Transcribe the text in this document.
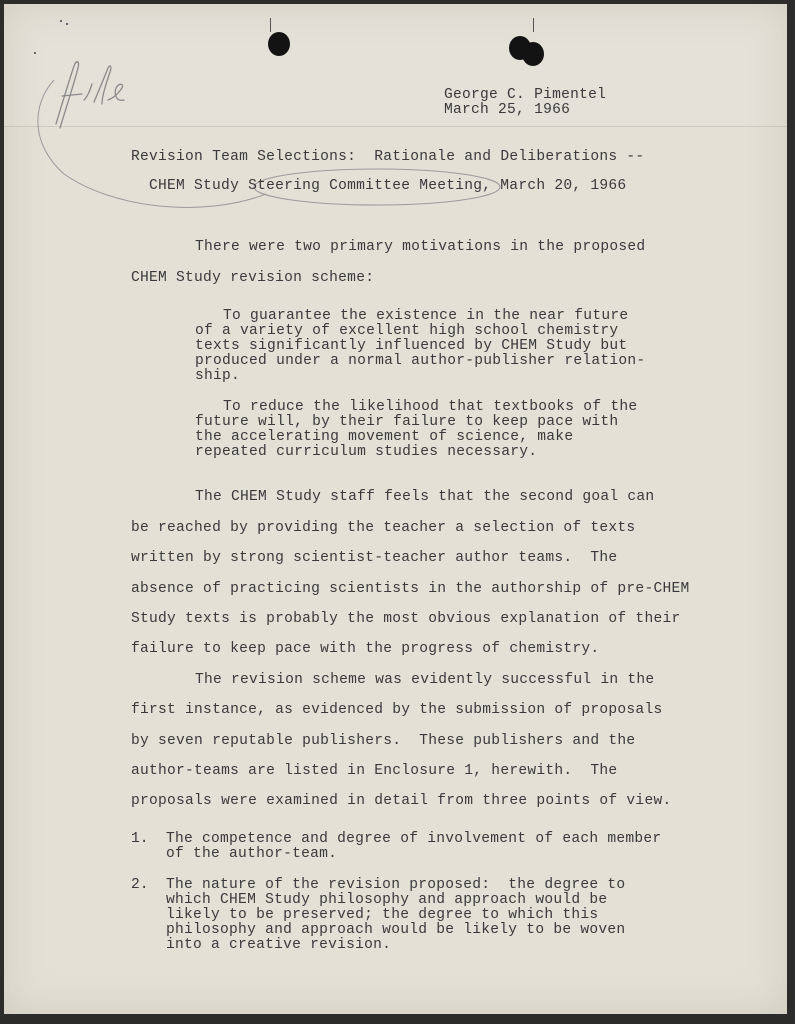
George C. Pimentel
March 25, 1966
Revision Team Selections:  Rationale and Deliberations --
CHEM Study Steering Committee Meeting, March 20, 1966
There were two primary motivations in the proposed
CHEM Study revision scheme:
To guarantee the existence in the near future
of a variety of excellent high school chemistry
texts significantly influenced by CHEM Study but
produced under a normal author-publisher relation-
ship.
To reduce the likelihood that textbooks of the
future will, by their failure to keep pace with
the accelerating movement of science, make
repeated curriculum studies necessary.
The CHEM Study staff feels that the second goal can
be reached by providing the teacher a selection of texts
written by strong scientist-teacher author teams.  The
absence of practicing scientists in the authorship of pre-CHEM
Study texts is probably the most obvious explanation of their
failure to keep pace with the progress of chemistry.
The revision scheme was evidently successful in the
first instance, as evidenced by the submission of proposals
by seven reputable publishers.  These publishers and the
author-teams are listed in Enclosure 1, herewith.  The
proposals were examined in detail from three points of view.
1. The competence and degree of involvement of each member
of the author-team.
2. The nature of the revision proposed:  the degree to
which CHEM Study philosophy and approach would be
likely to be preserved; the degree to which this
philosophy and approach would be likely to be woven
into a creative revision.
